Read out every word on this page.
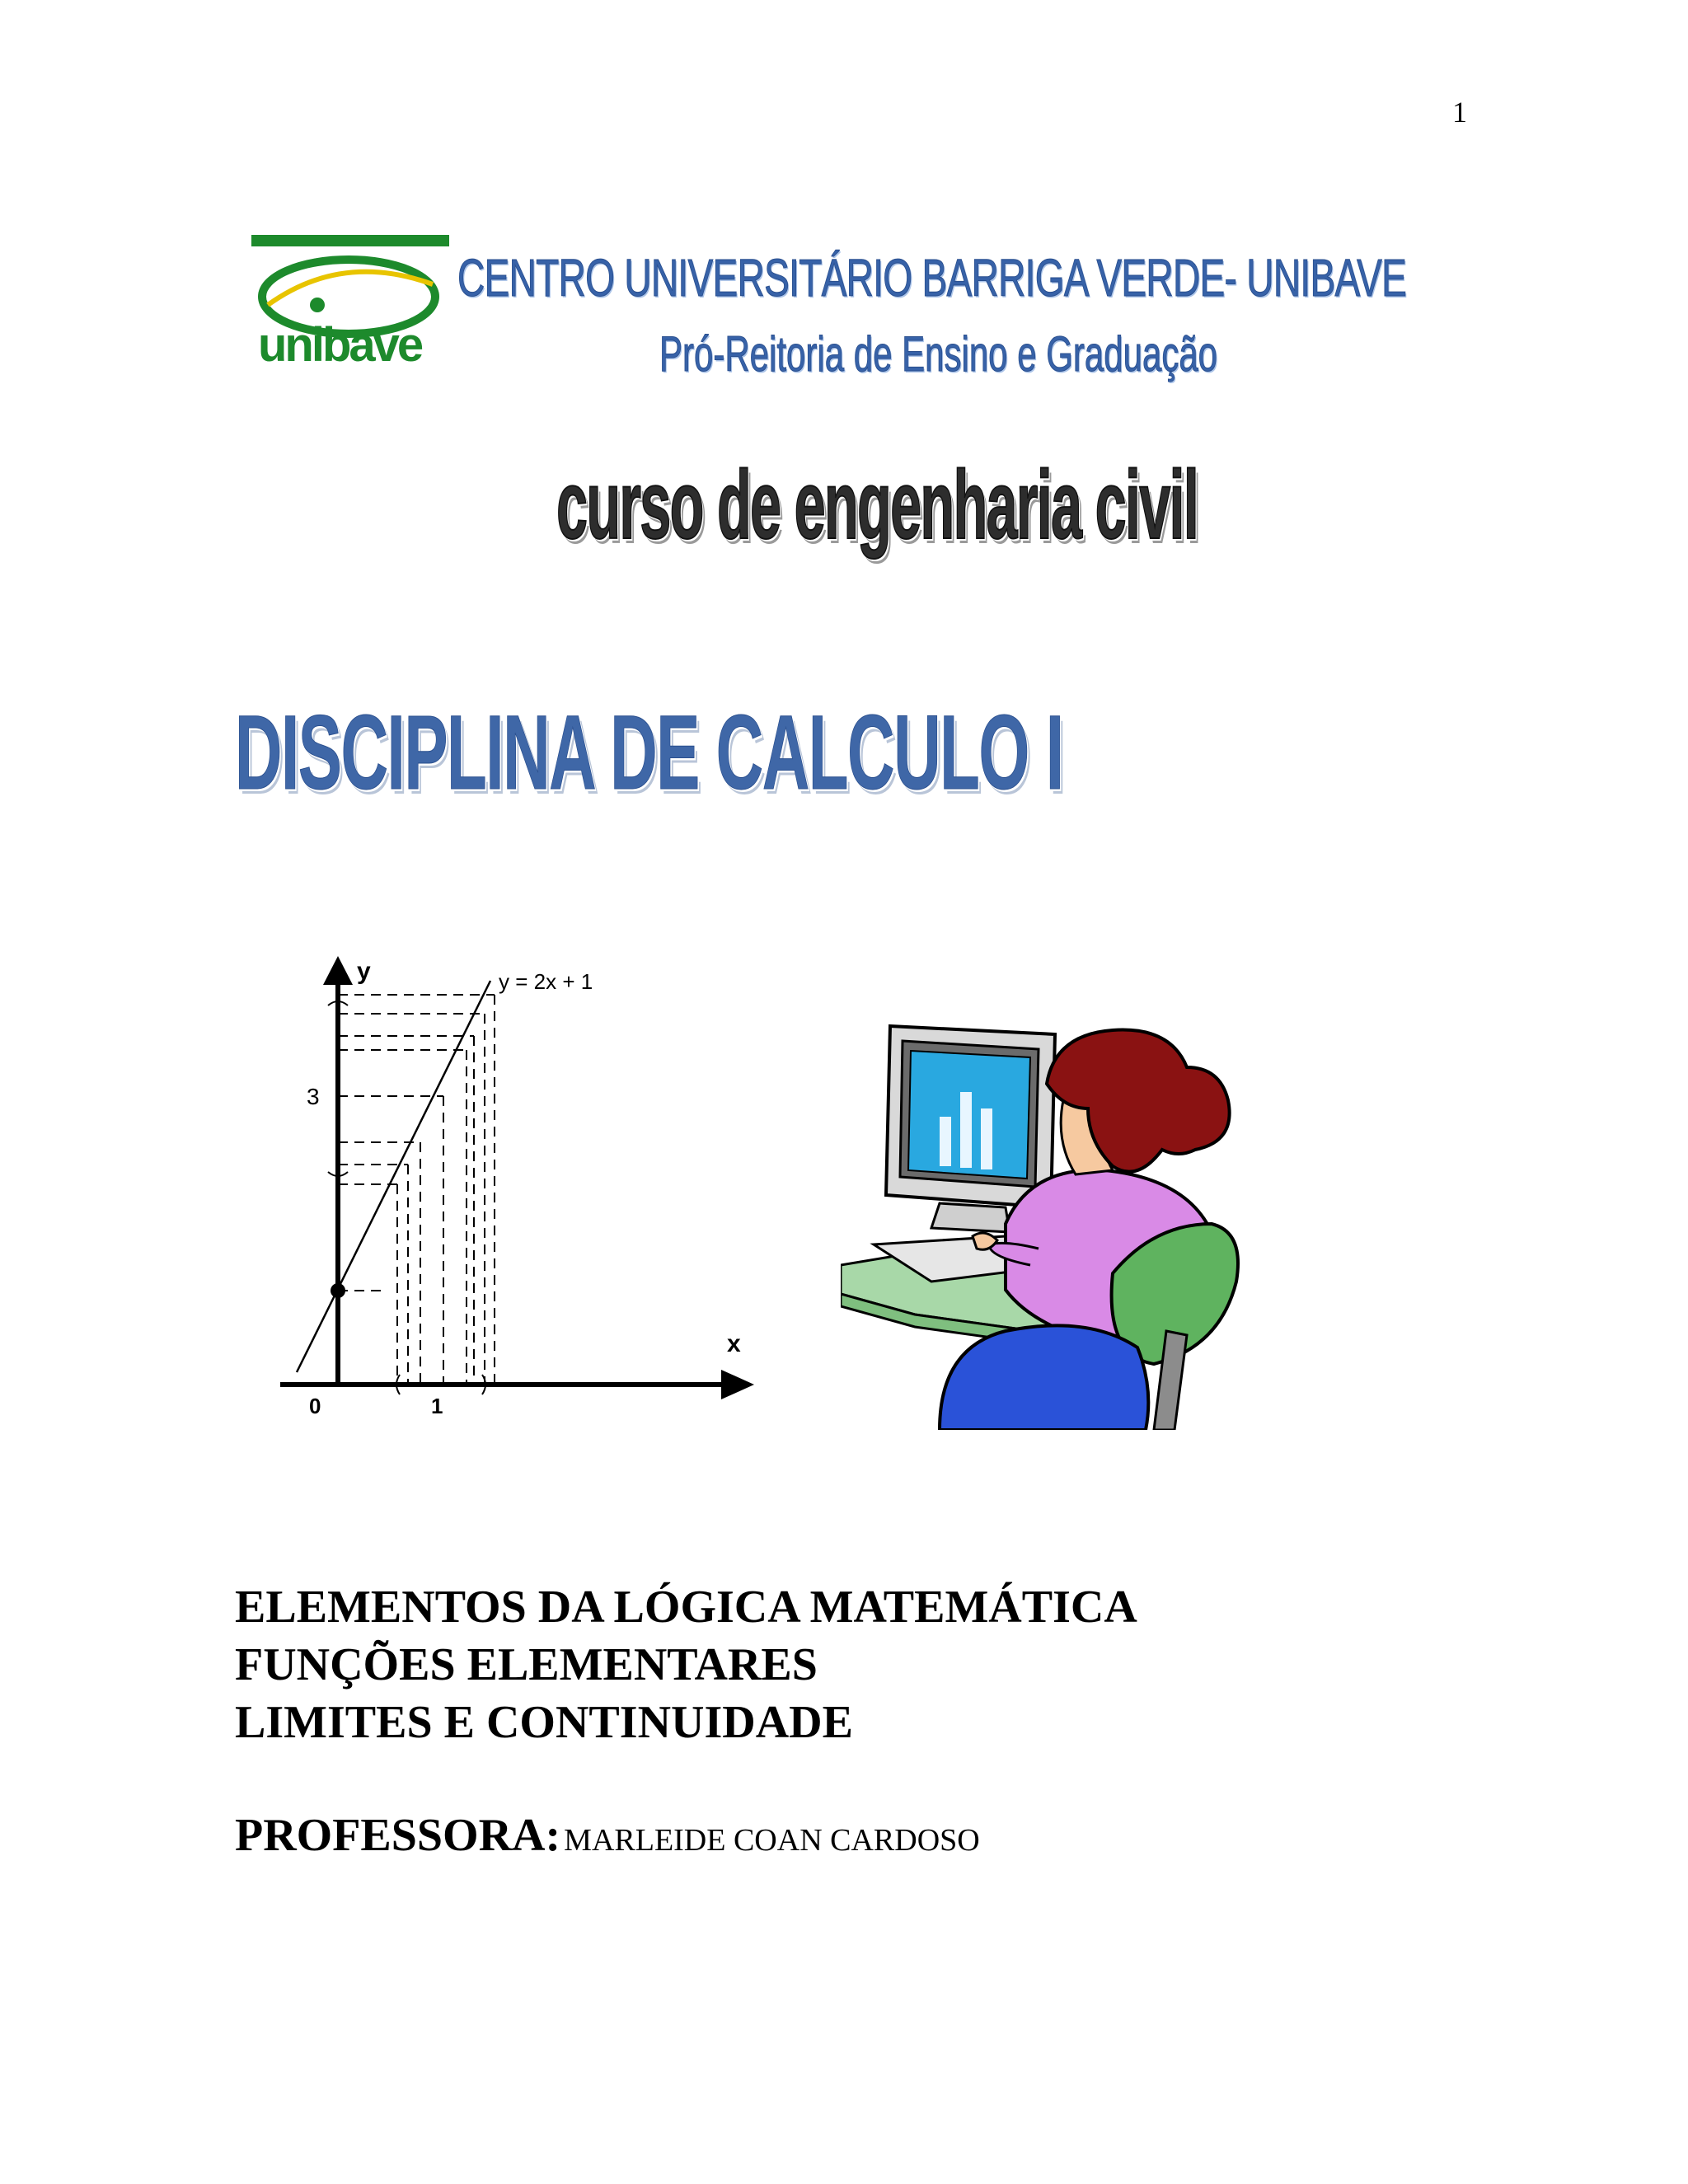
1
unibave
CENTRO UNIVERSITÁRIO BARRIGA VERDE- UNIBAVE
Pró-Reitoria de Ensino e Graduação
curso de engenharia civil
DISCIPLINA DE CALCULO I
y
x
y = 2x + 1
3
1
0
ELEMENTOS DA LÓGICA MATEMÁTICA
FUNÇÕES ELEMENTARES
LIMITES E CONTINUIDADE
PROFESSORA: MARLEIDE COAN CARDOSO
